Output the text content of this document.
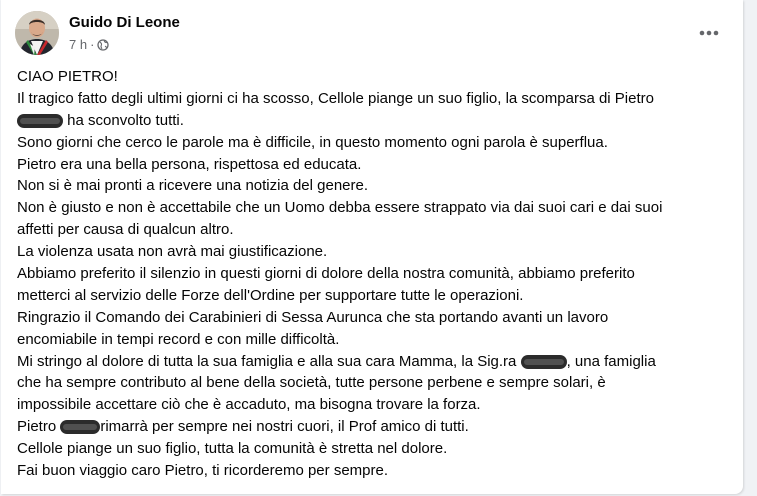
Guido Di Leone
7 h ·
CIAO PIETRO!
Il tragico fatto degli ultimi giorni ci ha scosso, Cellole piange un suo figlio, la scomparsa di Pietro
ha sconvolto tutti.
Sono giorni che cerco le parole ma è difficile, in questo momento ogni parola è superflua.
Pietro era una bella persona, rispettosa ed educata.
Non si è mai pronti a ricevere una notizia del genere.
Non è giusto e non è accettabile che un Uomo debba essere strappato via dai suoi cari e dai suoi
affetti per causa di qualcun altro.
La violenza usata non avrà mai giustificazione.
Abbiamo preferito il silenzio in questi giorni di dolore della nostra comunità, abbiamo preferito
metterci al servizio delle Forze dell'Ordine per supportare tutte le operazioni.
Ringrazio il Comando dei Carabinieri di Sessa Aurunca che sta portando avanti un lavoro
encomiabile in tempi record e con mille difficoltà.
Mi stringo al dolore di tutta la sua famiglia e alla sua cara Mamma, la Sig.ra	, una famiglia
che ha sempre contributo al bene della società, tutte persone perbene e sempre solari, è
impossibile accettare ciò che è accaduto, ma bisogna trovare la forza.
Pietro	rimarrà per sempre nei nostri cuori, il Prof amico di tutti.
Cellole piange un suo figlio, tutta la comunità è stretta nel dolore.
Fai buon viaggio caro Pietro, ti ricorderemo per sempre.
